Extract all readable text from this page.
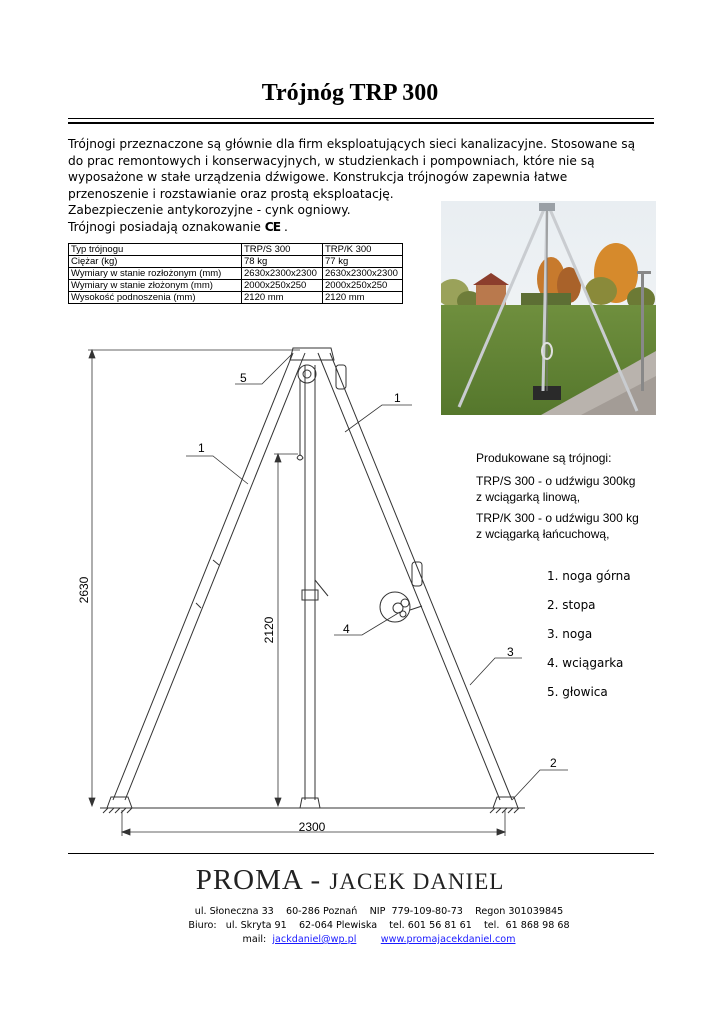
Trójnóg TRP 300

Trójnogi przeznaczone są głównie dla firm eksploatujących sieci kanalizacyjne. Stosowane są do prac remontowych i konserwacyjnych, w studzienkach i pompowniach, które nie są wyposażone w stałe urządzenia dźwigowe. Konstrukcja trójnogów zapewnia łatwe przenoszenie i rozstawianie oraz prostą eksploatację.

Zabezpieczenie antykorozyjne - cynk ogniowy.

Trójnogi posiadają oznakowanie CE .

Typ trójnogu	TRP/S 300	TRP/K 300
Ciężar (kg)	78 kg	77 kg
Wymiary w stanie rozłożonym (mm)	2630x2300x2300	2630x2300x2300
Wymiary w stanie złożonym (mm)	2000x250x250	2000x250x250
Wysokość podnoszenia (mm)	2120 mm	2120 mm
Produkowane są trójnogi:
TRP/S 300 - o udźwigu 300kg
z wciągarką linową,
TRP/K 300 - o udźwigu 300 kg
z wciągarką łańcuchową,
1. noga górna
2. stopa
3. noga
4. wciągarka
5. głowica
2630
2120
2300
5
1
1
4
3
2
PROMA - JACEK DANIEL
ul. Słoneczna 33    60-286 Poznań    NIP  779-109-80-73    Regon 301039845
Biuro:   ul. Skryta 91    62-064 Plewiska    tel. 601 56 81 61    tel.  61 868 98 68
mail: jackdaniel@wp.pl	www.promajacekdaniel.com
